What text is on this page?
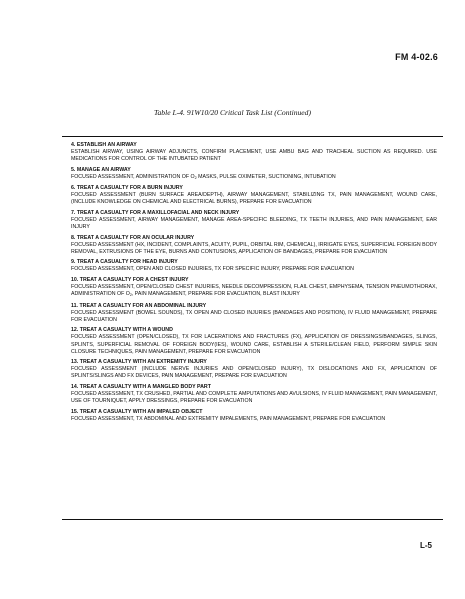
FM 4-02.6
Table L-4. 91W10/20 Critical Task List (Continued)
4. ESTABLISH AN AIRWAY
ESTABLISH AIRWAY, USING AIRWAY ADJUNCTS, CONFIRM PLACEMENT, USE AMBU BAG AND TRACHEAL SUCTION AS REQUIRED. USE MEDICATIONS FOR CONTROL OF THE INTUBATED PATIENT
5. MANAGE AN AIRWAY
FOCUSED ASSESSMENT, ADMINISTRATION OF $O_2$ MASKS, PULSE OXIMETER, SUCTIONING, INTUBATION
6. TREAT A CASUALTY FOR A BURN INJURY
FOCUSED ASSESSMENT (BURN SURFACE AREA/DEPTH), AIRWAY MANAGEMENT, STABILIZING TX, PAIN MANAGEMENT, WOUND CARE, (INCLUDE KNOWLEDGE ON CHEMICAL AND ELECTRICAL BURNS), PREPARE FOR EVACUATION
7. TREAT A CASUALTY FOR A MAXILLOFACIAL AND NECK INJURY
FOCUSED ASSESSMENT, AIRWAY MANAGEMENT, MANAGE AREA-SPECIFIC BLEEDING, TX TEETH INJURIES, AND PAIN MANAGEMENT, EAR INJURY
8. TREAT A CASUALTY FOR AN OCULAR INJURY
FOCUSED ASSESSMENT (HX, INCIDENT, COMPLAINTS, ACUITY, PUPIL, ORBITAL RIM, CHEMICAL), IRRIGATE EYES, SUPERFICIAL FOREIGN BODY REMOVAL, EXTRUSIONS OF THE EYE, BURNS AND CONTUSIONS, APPLICATION OF BANDAGES, PREPARE FOR EVACUATION
9. TREAT A CASUALTY FOR HEAD INJURY
FOCUSED ASSESSMENT, OPEN AND CLOSED INJURIES, TX FOR SPECIFIC INJURY, PREPARE FOR EVACUATION
10. TREAT A CASUALTY FOR A CHEST INJURY
FOCUSED ASSESSMENT, OPEN/CLOSED CHEST INJURIES, NEEDLE DECOMPRESSION, FLAIL CHEST, EMPHYSEMA, TENSION PNEUMOTHORAX, ADMINISTRATION OF $O_2$, PAIN MANAGEMENT, PREPARE FOR EVACUATION, BLAST INJURY
11. TREAT A CASUALTY FOR AN ABDOMINAL INJURY
FOCUSED ASSESSMENT (BOWEL SOUNDS), TX OPEN AND CLOSED INJURIES (BANDAGES AND POSITION), IV FLUID MANAGEMENT, PREPARE FOR EVACUATION
12. TREAT A CASUALTY WITH A WOUND
FOCUSED ASSESSMENT (OPEN/CLOSED), TX FOR LACERATIONS AND FRACTURES (FX), APPLICATION OF DRESSINGS/BANDAGES, SLINGS, SPLINTS, SUPERFICIAL REMOVAL OF FOREIGN BODY(IES), WOUND CARE, ESTABLISH A STERILE/CLEAN FIELD, PERFORM SIMPLE SKIN CLOSURE TECHNIQUES, PAIN MANAGEMENT, PREPARE FOR EVACUATION
13. TREAT A CASUALTY WITH AN EXTREMITY INJURY
FOCUSED ASSESSMENT (INCLUDE NERVE INJURIES AND OPEN/CLOSED INJURY), TX DISLOCATIONS AND FX, APPLICATION OF SPLINTS/SLINGS AND FX DEVICES, PAIN MANAGEMENT, PREPARE FOR EVACUATION
14. TREAT A CASUALTY WITH A MANGLED BODY PART
FOCUSED ASSESSMENT, TX CRUSHED, PARTIAL AND COMPLETE AMPUTATIONS AND AVULSIONS, IV FLUID MANAGEMENT, PAIN MANAGEMENT, USE OF TOURNIQUET, APPLY DRESSINGS, PREPARE FOR EVACUATION
15. TREAT A CASUALTY WITH AN IMPALED OBJECT
FOCUSED ASSESSMENT, TX ABDOMINAL AND EXTREMITY IMPALEMENTS, PAIN MANAGEMENT, PREPARE FOR EVACUATION
L-5
